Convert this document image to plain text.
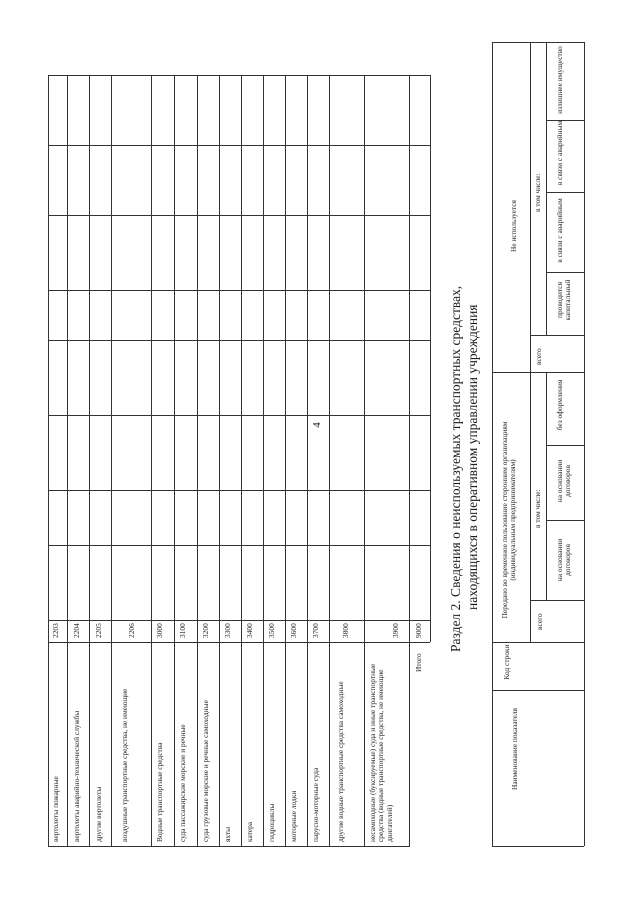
вертолеты пожарные
2203
вертолеты аварийно-технической службы
2204
другие вертолеты
2205
воздушные транспортные средства, не имеющие
2206
Водные транспортные средства
3000
суда пассажирские морские и речные
3100
суда грузовые морские и речные самоходные
3200
яхты
3300
катера
3400
гидроциклы
3500
моторные лодки
3600
парусно-моторные суда
3700
другие водные транспортные средства самоходные
3800
несамоходные (буксируемые) суда и иные транспортные средства (водные транспортные средства, не имеющие двигателей)
3900
Итого
9000
4	Раздел 2. Сведения о неиспользуемых транспортных средствах, находящихся в оперативном управлении учреждения
Наименование показателя
Код строки
Передано во временное пользование сторонним организациям (индивидуальным предпринимателям)
всего
в том числе:
на основании договоров
на основании договоров
без оформления
Не используется
всего
в том числе:
проводится капитальный
в связи с аварийным
в связи с аварийным
излишнее имущество
